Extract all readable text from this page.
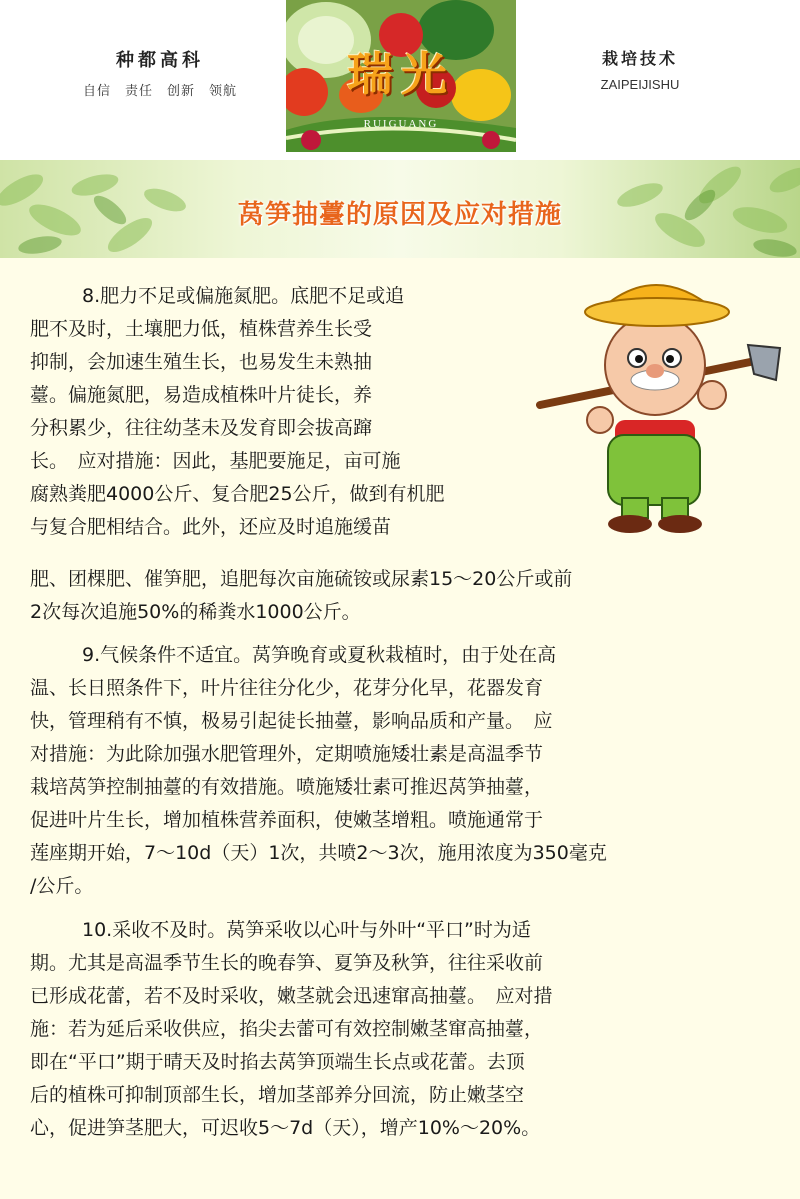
种都高科
自信　责任　创新　领航	瑞光
RUIGUANG
栽培技术
ZAIPEIJISHU
莴笋抽薹的原因及应对措施
8.肥力不足或偏施氮肥。底肥不足或追
肥不及时，土壤肥力低，植株营养生长受
抑制，会加速生殖生长，也易发生未熟抽
薹。偏施氮肥，易造成植株叶片徒长，养
分积累少，往往幼茎未及发育即会拔高蹿
长。　应对措施：因此，基肥要施足，亩可施
腐熟粪肥4000公斤、复合肥25公斤，做到有机肥
与复合肥相结合。此外，还应及时追施缓苗
肥、团棵肥、催笋肥，追肥每次亩施硫铵或尿素15～20公斤或前
2次每次追施50%的稀粪水1000公斤。
9.气候条件不适宜。莴笋晚育或夏秋栽植时，由于处在高
温、长日照条件下，叶片往往分化少，花芽分化早，花器发育
快，管理稍有不慎，极易引起徒长抽薹，影响品质和产量。　应
对措施：为此除加强水肥管理外，定期喷施矮壮素是高温季节
栽培莴笋控制抽薹的有效措施。喷施矮壮素可推迟莴笋抽薹，
促进叶片生长，增加植株营养面积，使嫩茎增粗。喷施通常于
莲座期开始，7～10d（天）1次，共喷2～3次，施用浓度为350毫克
/公斤。
10.采收不及时。莴笋采收以心叶与外叶“平口”时为适
期。尤其是高温季节生长的晚春笋、夏笋及秋笋，往往采收前
已形成花蕾，若不及时采收，嫩茎就会迅速窜高抽薹。　应对措
施：若为延后采收供应，掐尖去蕾可有效控制嫩茎窜高抽薹，
即在“平口”期于晴天及时掐去莴笋顶端生长点或花蕾。去顶
后的植株可抑制顶部生长，增加茎部养分回流，防止嫩茎空
心，促进笋茎肥大，可迟收5～7d（天），增产10%～20%。
